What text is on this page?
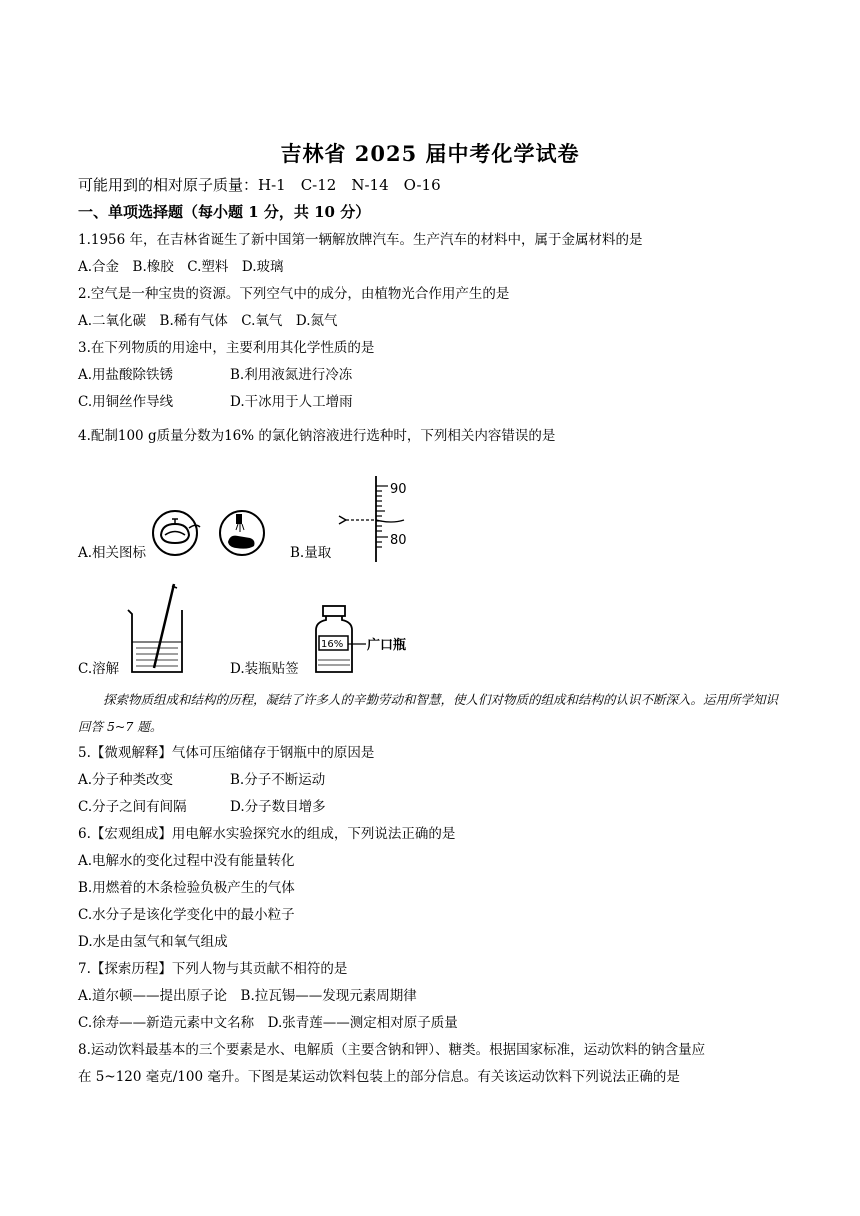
吉林省 2025 届中考化学试卷
可能用到的相对原子质量：H-1　C-12　N-14　O-16
一、单项选择题（每小题 1 分，共 10 分）
1.1956 年，在吉林省诞生了新中国第一辆解放牌汽车。生产汽车的材料中，属于金属材料的是
A.合金　B.橡胶　C.塑料　D.玻璃
2.空气是一种宝贵的资源。下列空气中的成分，由植物光合作用产生的是
A.二氧化碳　B.稀有气体　C.氧气　D.氮气
3.在下列物质的用途中，主要利用其化学性质的是
A.用盐酸除铁锈	B.利用液氮进行冷冻
C.用铜丝作导线	D.干冰用于人工增雨
4.配制100 g质量分数为16% 的氯化钠溶液进行选种时，下列相关内容错误的是
A.相关图标	B.量取
90
80
C.溶解	D.装瓶贴签
16% 广口瓶
探索物质组成和结构的历程，凝结了许多人的辛勤劳动和智慧，使人们对物质的组成和结构的认识不断深入。运用所学知识回答 5~7 题。
5.【微观解释】气体可压缩储存于钢瓶中的原因是
A.分子种类改变	B.分子不断运动
C.分子之间有间隔	D.分子数目增多
6.【宏观组成】用电解水实验探究水的组成，下列说法正确的是
A.电解水的变化过程中没有能量转化
B.用燃着的木条检验负极产生的气体
C.水分子是该化学变化中的最小粒子
D.水是由氢气和氧气组成
7.【探索历程】下列人物与其贡献不相符的是
A.道尔顿——提出原子论　B.拉瓦锡——发现元素周期律
C.徐寿——新造元素中文名称　D.张青莲——测定相对原子质量
8.运动饮料最基本的三个要素是水、电解质（主要含钠和钾）、糖类。根据国家标准，运动饮料的钠含量应
在 5~120 毫克/100 毫升。下图是某运动饮料包装上的部分信息。有关该运动饮料下列说法正确的是
